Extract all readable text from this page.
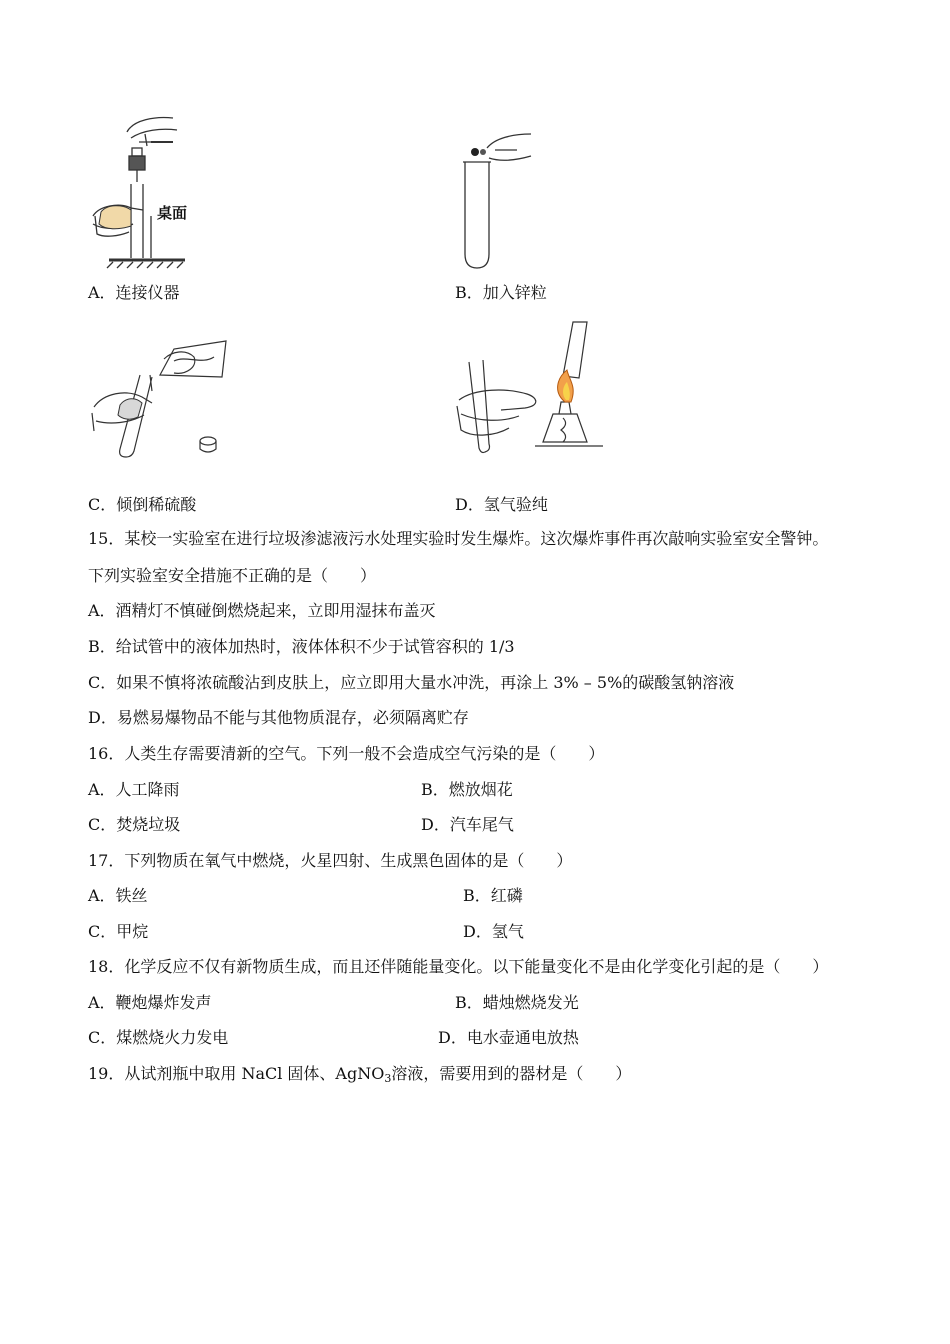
桌面
A．连接仪器	B．加入锌粒
C．倾倒稀硫酸	D．氢气验纯
15．某校一实验室在进行垃圾渗滤液污水处理实验时发生爆炸。这次爆炸事件再次敲响实验室安全警钟。
下列实验室安全措施不正确的是（　　）
A．酒精灯不慎碰倒燃烧起来，立即用湿抹布盖灭
B．给试管中的液体加热时，液体体积不少于试管容积的 1/3
C．如果不慎将浓硫酸沾到皮肤上，应立即用大量水冲洗，再涂上 3% – 5%的碳酸氢钠溶液
D．易燃易爆物品不能与其他物质混存，必须隔离贮存
16．人类生存需要清新的空气。下列一般不会造成空气污染的是（　　）
A．人工降雨	B．燃放烟花
C．焚烧垃圾	D．汽车尾气
17．下列物质在氧气中燃烧，火星四射、生成黑色固体的是（　　）
A．铁丝	B．红磷
C．甲烷	D．氢气
18．化学反应不仅有新物质生成，而且还伴随能量变化。以下能量变化不是由化学变化引起的是（　　）
A．鞭炮爆炸发声	B．蜡烛燃烧发光
C．煤燃烧火力发电	D．电水壶通电放热
19．从试剂瓶中取用 NaCl 固体、AgNO$_3$溶液，需要用到的器材是（　　）
